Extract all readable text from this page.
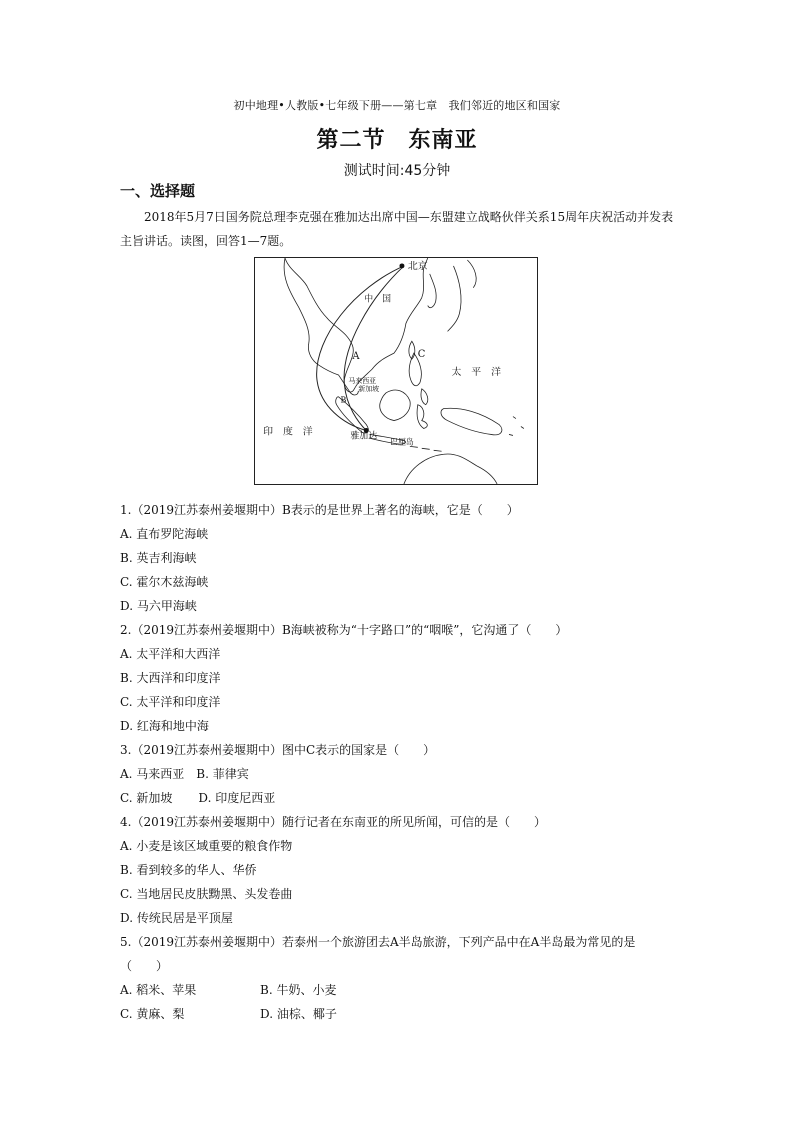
初中地理•人教版•七年级下册——第七章　我们邻近的地区和国家
第二节　东南亚
测试时间:45分钟
一、选择题
2018年5月7日国务院总理李克强在雅加达出席中国—东盟建立战略伙伴关系15周年庆祝活动并发表主旨讲话。读图，回答1—7题。
北京
中　国
A	C
马来西亚
新加坡
B
太　平　洋
印　度　洋	雅加达
巴厘岛
1.（2019江苏泰州姜堰期中）B表示的是世界上著名的海峡，它是（　　）
A. 直布罗陀海峡
B. 英吉利海峡
C. 霍尔木兹海峡
D. 马六甲海峡
2.（2019江苏泰州姜堰期中）B海峡被称为“十字路口”的“咽喉”，它沟通了（　　）
A. 太平洋和大西洋
B. 大西洋和印度洋
C. 太平洋和印度洋
D. 红海和地中海
3.（2019江苏泰州姜堰期中）图中C表示的国家是（　　）
A. 马来西亚 B. 菲律宾
C. 新加坡 D. 印度尼西亚
4.（2019江苏泰州姜堰期中）随行记者在东南亚的所见所闻，可信的是（　　）
A. 小麦是该区域重要的粮食作物
B. 看到较多的华人、华侨
C. 当地居民皮肤黝黑、头发卷曲
D. 传统民居是平顶屋
5.（2019江苏泰州姜堰期中）若泰州一个旅游团去A半岛旅游，下列产品中在A半岛最为常见的是
（　　）
A. 稻米、苹果	B. 牛奶、小麦
C. 黄麻、梨	D. 油棕、椰子
